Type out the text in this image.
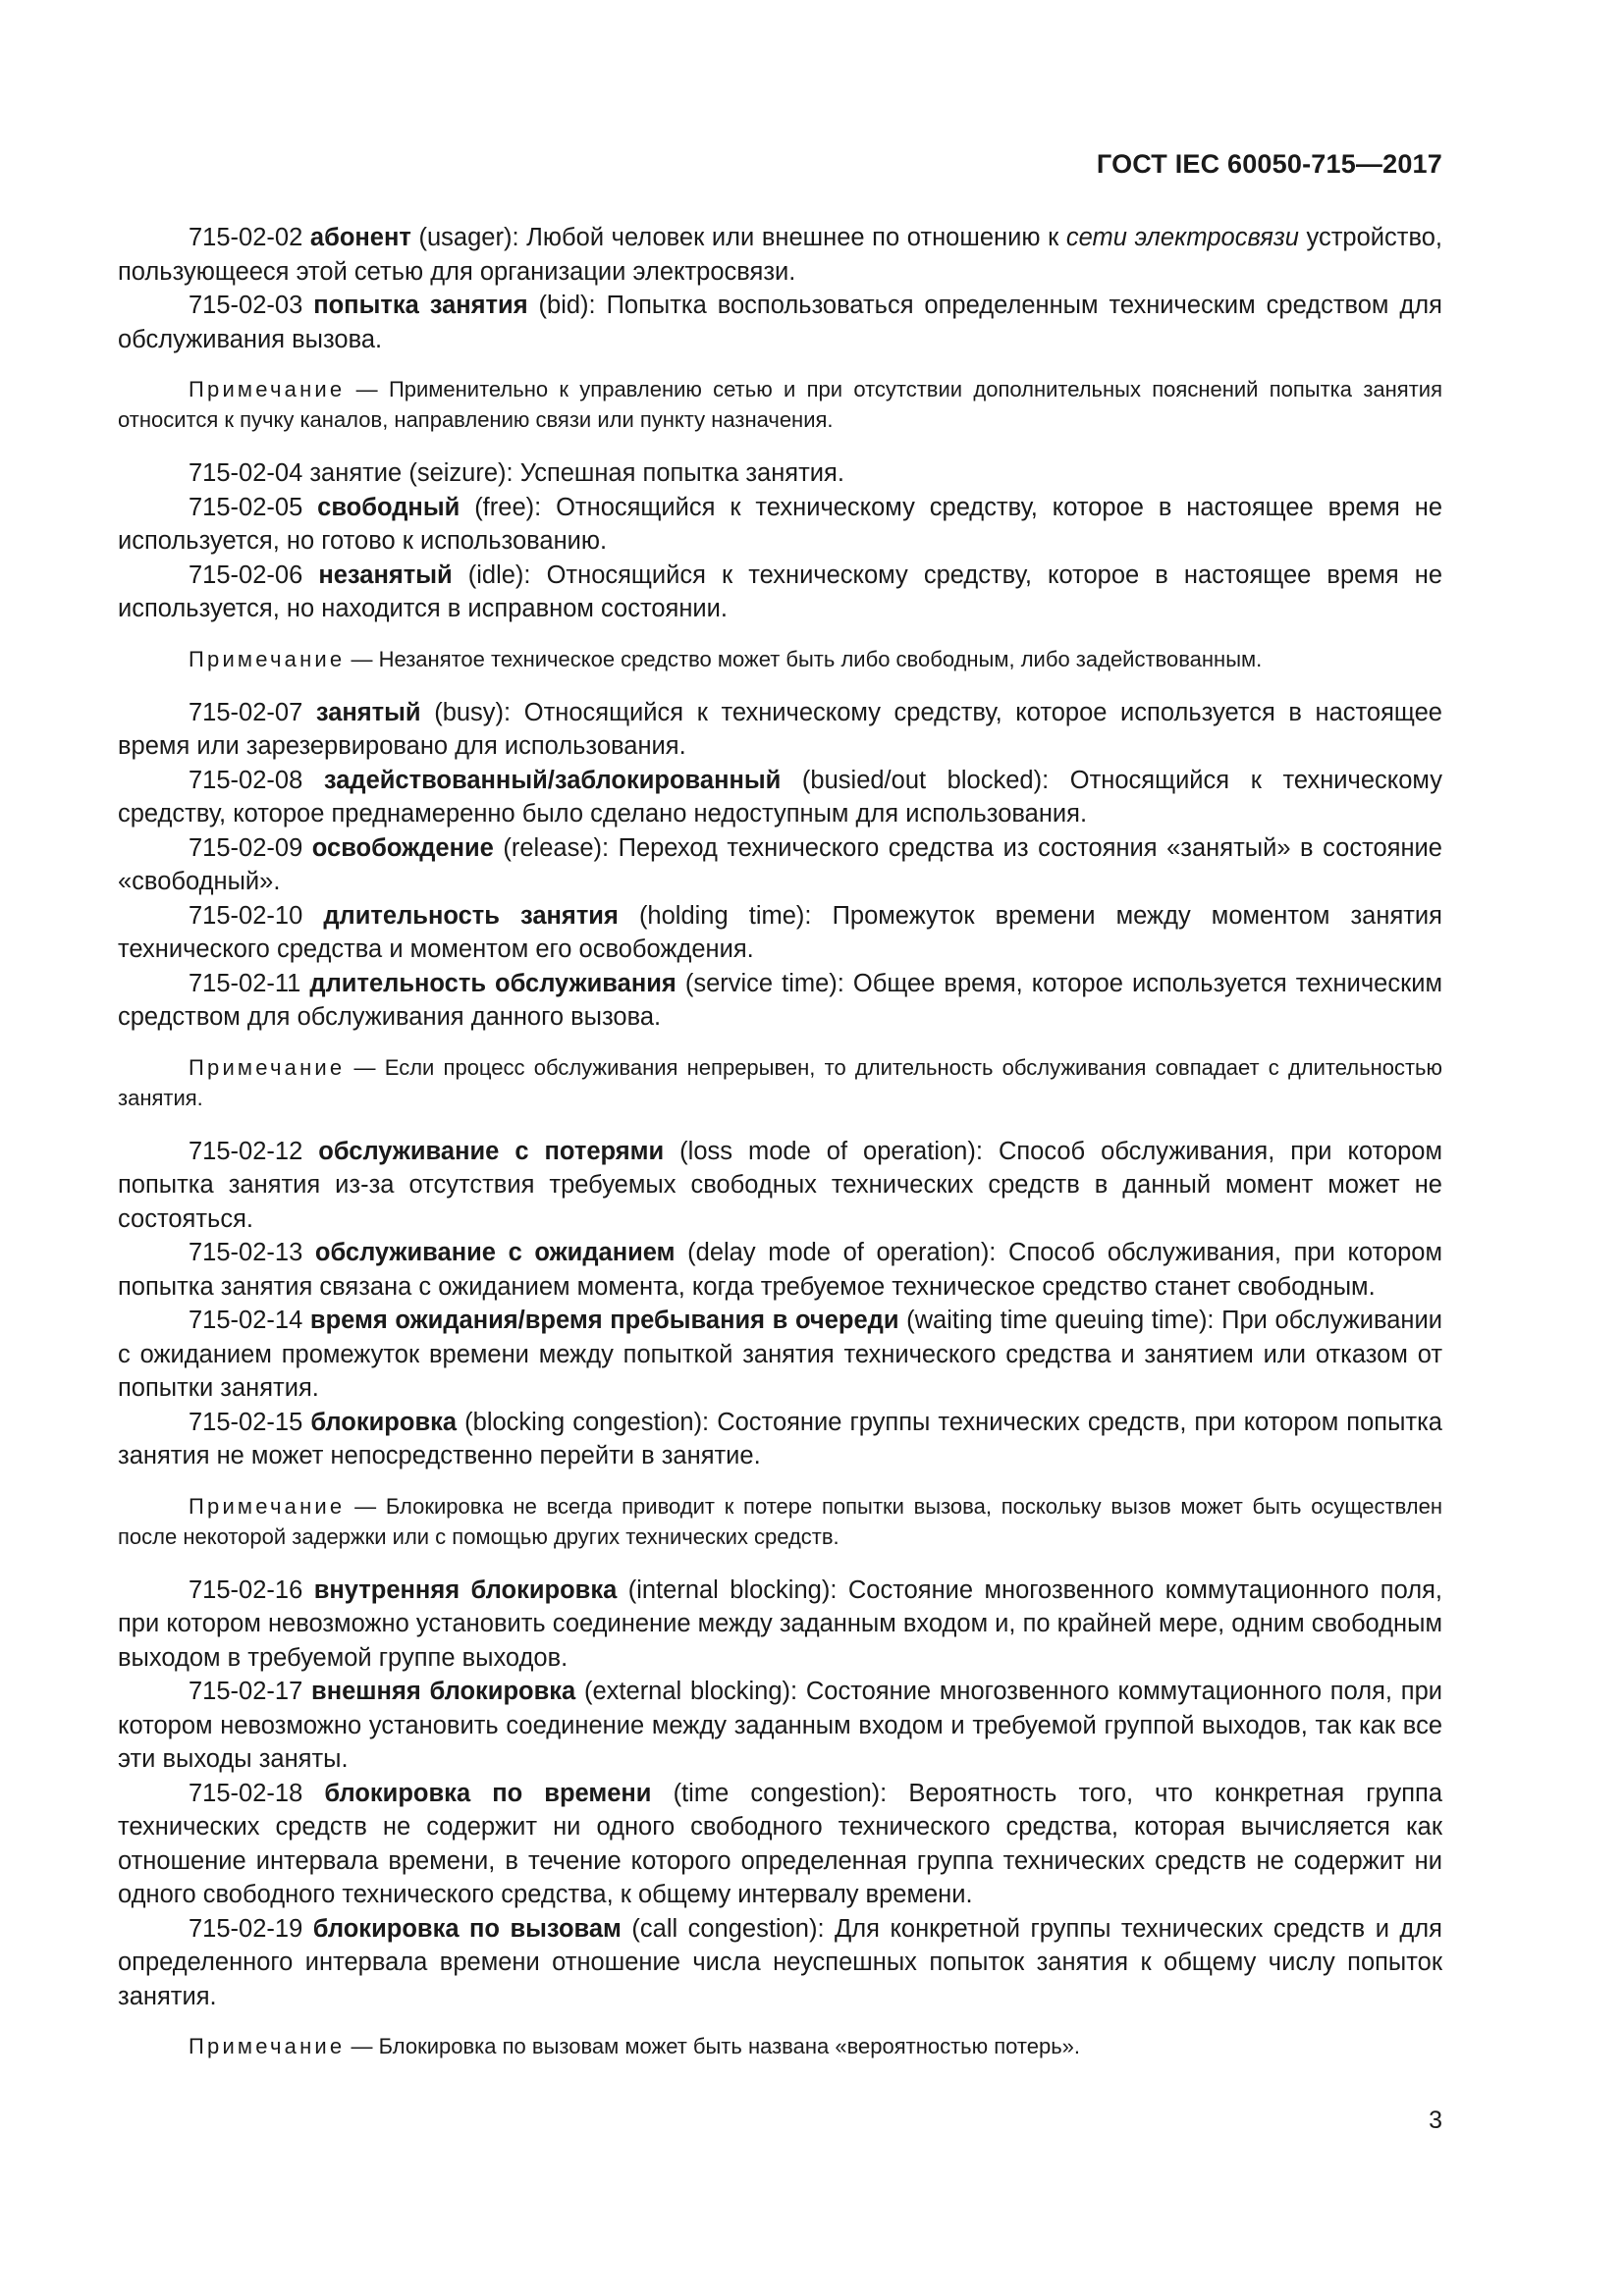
ГОСТ IEC 60050-715—2017

715-02-02 абонент (usager): Любой человек или внешнее по отношению к сети электросвязи устройство, пользующееся этой сетью для организации электросвязи.

715-02-03 попытка занятия (bid): Попытка воспользоваться определенным техническим средством для обслуживания вызова.

Примечание — Применительно к управлению сетью и при отсутствии дополнительных пояснений попытка занятия относится к пучку каналов, направлению связи или пункту назначения.

715-02-04 занятие (seizure): Успешная попытка занятия.

715-02-05 свободный (free): Относящийся к техническому средству, которое в настоящее время не используется, но готово к использованию.

715-02-06 незанятый (idle): Относящийся к техническому средству, которое в настоящее время не используется, но находится в исправном состоянии.

Примечание — Незанятое техническое средство может быть либо свободным, либо задействованным.

715-02-07 занятый (busy): Относящийся к техническому средству, которое используется в настоящее время или зарезервировано для использования.

715-02-08 задействованный/заблокированный (busied/out blocked): Относящийся к техническому средству, которое преднамеренно было сделано недоступным для использования.

715-02-09 освобождение (release): Переход технического средства из состояния «занятый» в состояние «свободный».

715-02-10 длительность занятия (holding time): Промежуток времени между моментом занятия технического средства и моментом его освобождения.

715-02-11 длительность обслуживания (service time): Общее время, которое используется техническим средством для обслуживания данного вызова.

Примечание — Если процесс обслуживания непрерывен, то длительность обслуживания совпадает с длительностью занятия.

715-02-12 обслуживание с потерями (loss mode of operation): Способ обслуживания, при котором попытка занятия из-за отсутствия требуемых свободных технических средств в данный момент может не состояться.

715-02-13 обслуживание с ожиданием (delay mode of operation): Способ обслуживания, при котором попытка занятия связана с ожиданием момента, когда требуемое техническое средство станет свободным.

715-02-14 время ожидания/время пребывания в очереди (waiting time queuing time): При обслуживании с ожиданием промежуток времени между попыткой занятия технического средства и занятием или отказом от попытки занятия.

715-02-15 блокировка (blocking congestion): Состояние группы технических средств, при котором попытка занятия не может непосредственно перейти в занятие.

Примечание — Блокировка не всегда приводит к потере попытки вызова, поскольку вызов может быть осуществлен после некоторой задержки или с помощью других технических средств.

715-02-16 внутренняя блокировка (internal blocking): Состояние многозвенного коммутационного поля, при котором невозможно установить соединение между заданным входом и, по крайней мере, одним свободным выходом в требуемой группе выходов.

715-02-17 внешняя блокировка (external blocking): Состояние многозвенного коммутационного поля, при котором невозможно установить соединение между заданным входом и требуемой группой выходов, так как все эти выходы заняты.

715-02-18 блокировка по времени (time congestion): Вероятность того, что конкретная группа технических средств не содержит ни одного свободного технического средства, которая вычисляется как отношение интервала времени, в течение которого определенная группа технических средств не содержит ни одного свободного технического средства, к общему интервалу времени.

715-02-19 блокировка по вызовам (call congestion): Для конкретной группы технических средств и для определенного интервала времени отношение числа неуспешных попыток занятия к общему числу попыток занятия.

Примечание — Блокировка по вызовам может быть названа «вероятностью потерь».

3
